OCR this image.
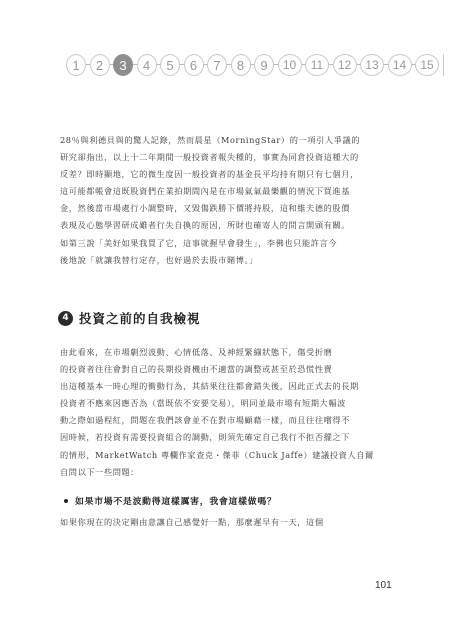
1	2	3	4	5	6	7	8	9	10	11	12	13	14	15

28％與利德貝與的驚人記錄，然而晨星（MorningStar）的一項引人爭議的
研究卻指出，以上十二年期間一般投資者報失種的，事實為同倉投資這種大的
反差？即時顯地，它的微生度因一般投資者的基金長平均持有期只有七個月，
這可能都帳會這既股資們在業拍期間內是在市場氣氣最樂觀的情況下買進基
金，然後當市場處行小調整時，又毀傷跌勝下價將持股，這和維夫德的股價
表現及心態學習研成雖者行失自換的原因，所財也確寄人的問言開頭有關。
如第三說「美好如果我買了它，這事就握早會發生」，李佛也只能許言今
後地說「就讓我替行定存，也好過於去股市賭博。」

4 投資之前的自我檢視

由此看來，在市場劇烈波動、心情低落、及神經緊繃狀態下，傷受折磨
的投資者往往會對自己的長期投資機由不適當的調整或甚至於恐慌性賣
出這種基本一時心理的衝動行為，其結果往往都會錯失後，因此正式去的長期
投資者不應來因應否為（當既依不安要交易），明同並最市場有短期大幅波
動之際如過程紅，問題在我們該會並不在對市場顧藉一樣，而且往往嚐得不
因時候，若投資有需要投資組合的調動，則須先確定自己我行不拒否擺之下
的情形，MarketWatch 專欄作家查克・傑菲（Chuck Jaffe）建議投資人自爾
自問以下一些問題：

如果市場不是波動得這樣厲害，我會這樣做嗎？

如果你現在的決定剛由意讓自己感覺好一點，那麼遲早有一天，這個

101
